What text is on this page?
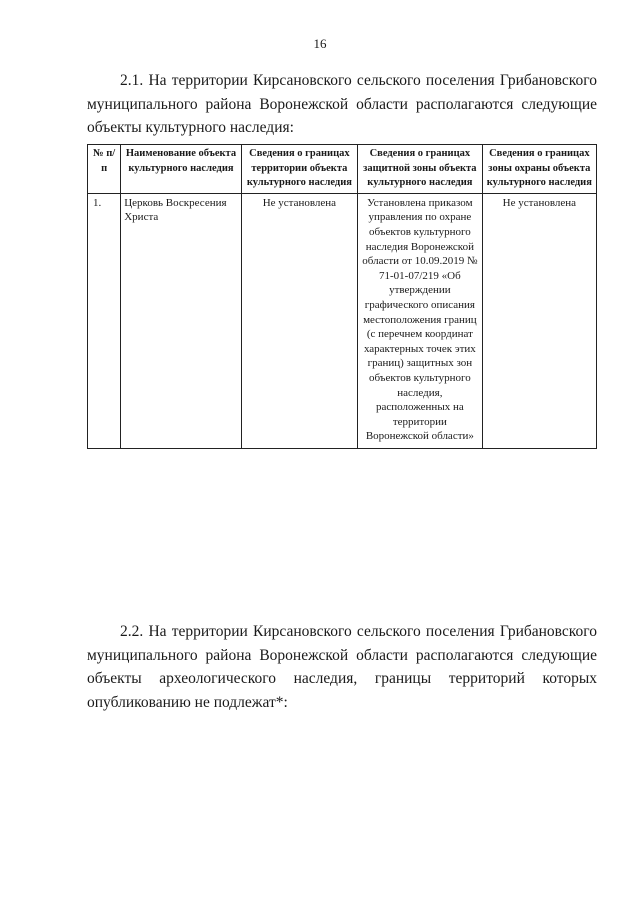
16

2.1. На территории Кирсановского сельского поселения Грибановского муниципального района Воронежской области располагаются следующие объекты культурного наследия:

№ п/п	Наименование объекта культурного наследия	Сведения о границах территории объекта культурного наследия	Сведения о границах защитной зоны объекта культурного наследия	Сведения о границах зоны охраны объекта культурного наследия
1.	Церковь Воскресения Христа	Не установлена	Установлена приказом управления по охране объектов культурного наследия Воронежской области от 10.09.2019 № 71-01-07/219 «Об утверждении графического описания местоположения границ (с перечнем координат характерных точек этих границ) защитных зон объектов культурного наследия, расположенных на территории Воронежской области»	Не установлена

2.2. На территории Кирсановского сельского поселения Грибановского муниципального района Воронежской области располагаются следующие объекты археологического наследия, границы территорий которых опубликованию не подлежат*:
